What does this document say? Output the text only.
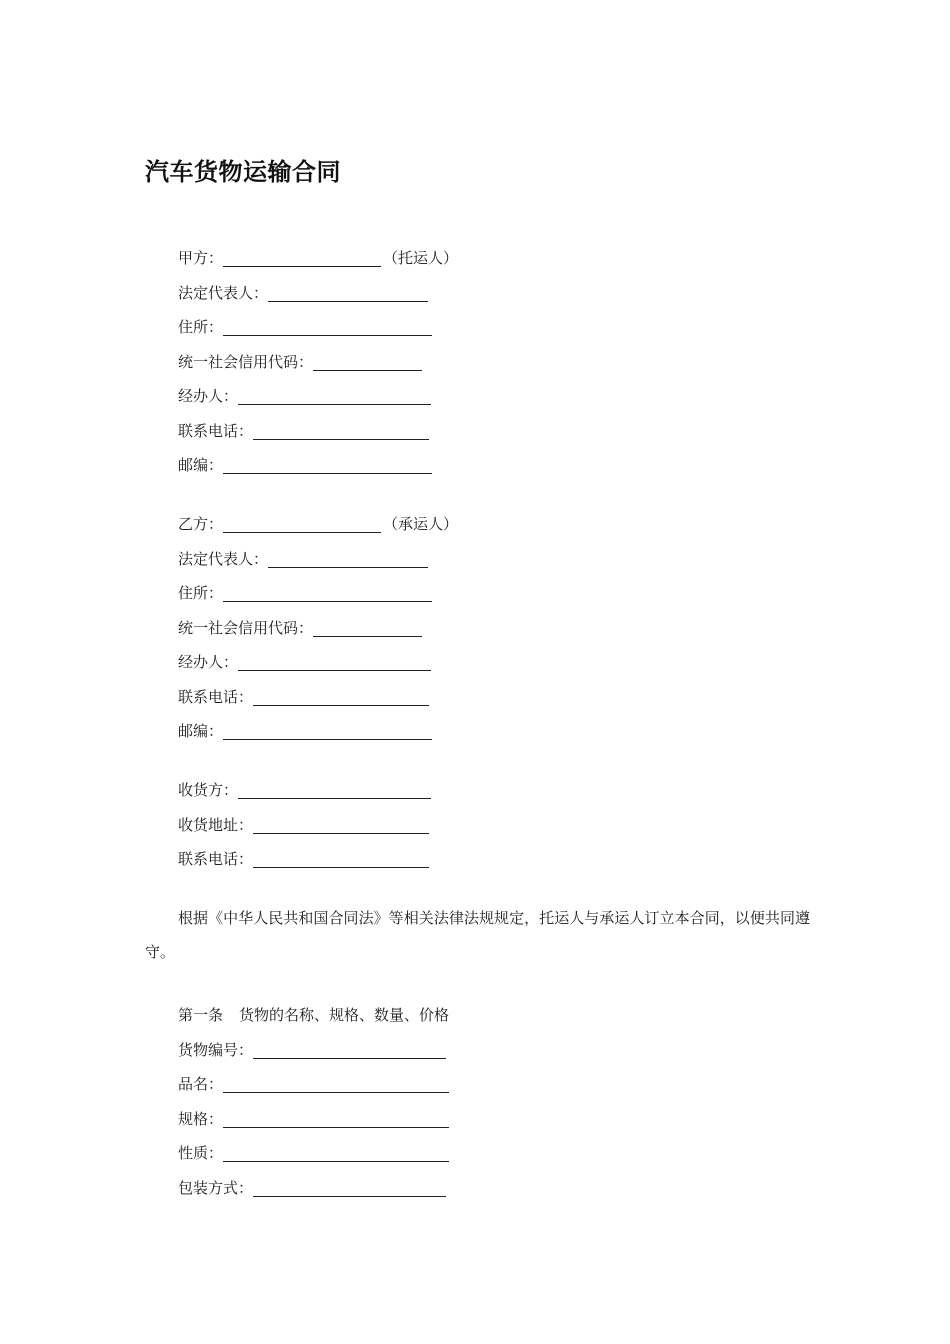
汽车货物运输合同
甲方：	（托运人）
法定代表人：
住所：
统一社会信用代码：
经办人：
联系电话：
邮编：
乙方：	（承运人）
法定代表人：
住所：
统一社会信用代码：
经办人：
联系电话：
邮编：
收货方：
收货地址：
联系电话：

根据《中华人民共和国合同法》等相关法律法规规定，托运人与承运人订立本合同，以便共同遵守。

第一条 货物的名称、规格、数量、价格
货物编号：
品名：
规格：
性质：
包装方式：
